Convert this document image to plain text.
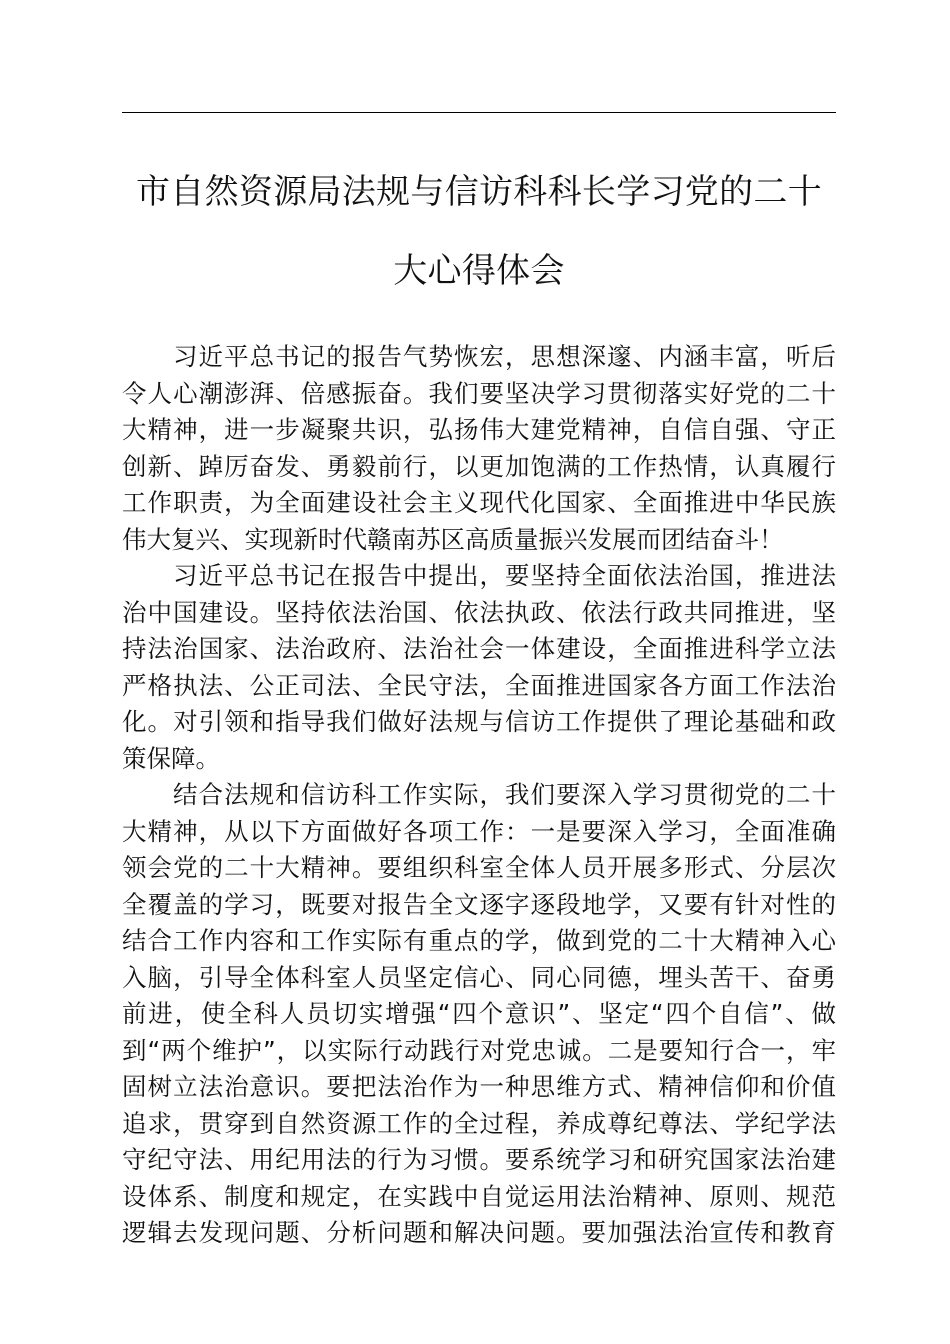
市自然资源局法规与信访科科长学习党的二十
大心得体会
习近平总书记的报告气势恢宏，思想深邃、内涵丰富，听后
令人心潮澎湃、倍感振奋。我们要坚决学习贯彻落实好党的二十
大精神，进一步凝聚共识，弘扬伟大建党精神，自信自强、守正
创新、踔厉奋发、勇毅前行，以更加饱满的工作热情，认真履行
工作职责，为全面建设社会主义现代化国家、全面推进中华民族
伟大复兴、实现新时代赣南苏区高质量振兴发展而团结奋斗！
习近平总书记在报告中提出，要坚持全面依法治国，推进法
治中国建设。坚持依法治国、依法执政、依法行政共同推进，坚
持法治国家、法治政府、法治社会一体建设，全面推进科学立法
严格执法、公正司法、全民守法，全面推进国家各方面工作法治
化。对引领和指导我们做好法规与信访工作提供了理论基础和政
策保障。
结合法规和信访科工作实际，我们要深入学习贯彻党的二十
大精神，从以下方面做好各项工作：一是要深入学习，全面准确
领会党的二十大精神。要组织科室全体人员开展多形式、分层次
全覆盖的学习，既要对报告全文逐字逐段地学，又要有针对性的
结合工作内容和工作实际有重点的学，做到党的二十大精神入心
入脑，引导全体科室人员坚定信心、同心同德，埋头苦干、奋勇
前进，使全科人员切实增强“四个意识”、坚定“四个自信”、做
到“两个维护”，以实际行动践行对党忠诚。二是要知行合一，牢
固树立法治意识。要把法治作为一种思维方式、精神信仰和价值
追求，贯穿到自然资源工作的全过程，养成尊纪尊法、学纪学法
守纪守法、用纪用法的行为习惯。要系统学习和研究国家法治建
设体系、制度和规定，在实践中自觉运用法治精神、原则、规范
逻辑去发现问题、分析问题和解决问题。要加强法治宣传和教育
